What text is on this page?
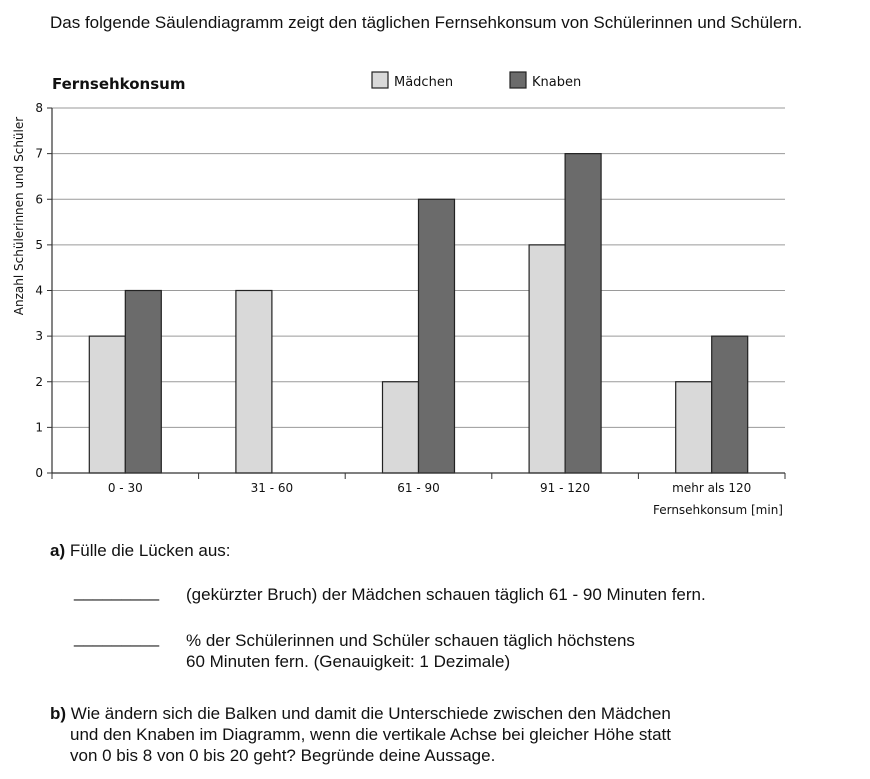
Das folgende Säulendiagramm zeigt den täglichen Fernsehkonsum von Schülerinnen und Schülern.

0
1
2
3
4
5
6
7
8
0 - 30	31 - 60	61 - 90	91 - 120	mehr als 120
Fernsehkonsum	Mädchen	Knaben
Anzahl Schülerinnen und Schüler
Fernsehkonsum [min]

a) Fülle die Lücken aus:

_________ (gekürzter Bruch) der Mädchen schauen täglich 61 - 90 Minuten fern.

_________ % der Schülerinnen und Schüler schauen täglich höchstens

60 Minuten fern. (Genauigkeit: 1 Dezimale)

b) Wie ändern sich die Balken und damit die Unterschiede zwischen den Mädchen

und den Knaben im Diagramm, wenn die vertikale Achse bei gleicher Höhe statt

von 0 bis 8 von 0 bis 20 geht? Begründe deine Aussage.
